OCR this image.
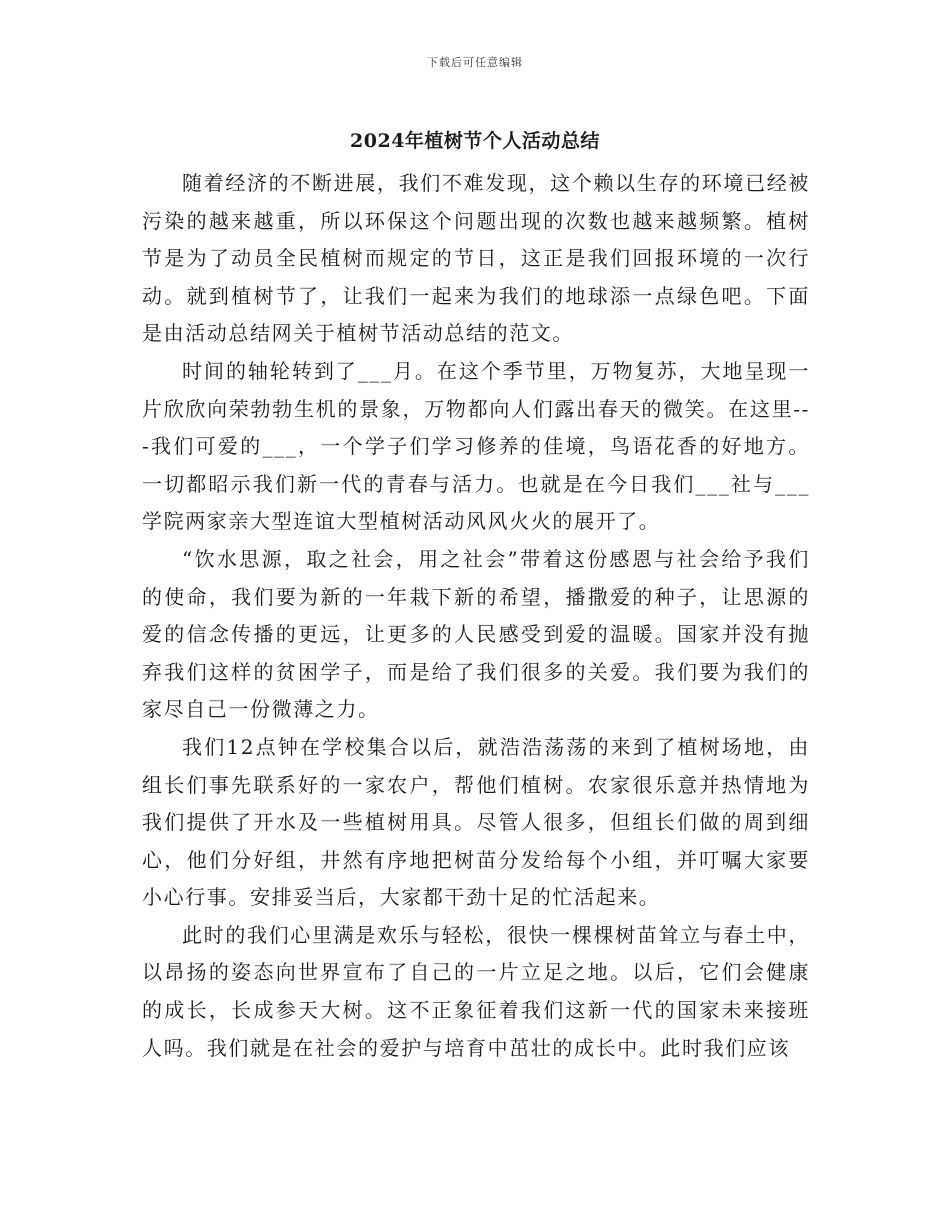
下载后可任意编辑
2024年植树节个人活动总结

随着经济的不断进展，我们不难发现，这个赖以生存的环境已经被污染的越来越重，所以环保这个问题出现的次数也越来越频繁。植树节是为了动员全民植树而规定的节日，这正是我们回报环境的一次行动。就到植树节了，让我们一起来为我们的地球添一点绿色吧。下面是由活动总结网关于植树节活动总结的范文。

时间的轴轮转到了___月。在这个季节里，万物复苏，大地呈现一片欣欣向荣勃勃生机的景象，万物都向人们露出春天的微笑。在这里---我们可爱的___，一个学子们学习修养的佳境，鸟语花香的好地方。一切都昭示我们新一代的青春与活力。也就是在今日我们___社与___学院两家亲大型连谊大型植树活动风风火火的展开了。

“饮水思源，取之社会，用之社会”带着这份感恩与社会给予我们的使命，我们要为新的一年栽下新的希望，播撒爱的种子，让思源的爱的信念传播的更远，让更多的人民感受到爱的温暖。国家并没有抛弃我们这样的贫困学子，而是给了我们很多的关爱。我们要为我们的家尽自己一份微薄之力。

我们12点钟在学校集合以后，就浩浩荡荡的来到了植树场地，由组长们事先联系好的一家农户，帮他们植树。农家很乐意并热情地为我们提供了开水及一些植树用具。尽管人很多，但组长们做的周到细心，他们分好组，井然有序地把树苗分发给每个小组，并叮嘱大家要小心行事。安排妥当后，大家都干劲十足的忙活起来。

此时的我们心里满是欢乐与轻松，很快一棵棵树苗耸立与春土中，以昂扬的姿态向世界宣布了自己的一片立足之地。以后，它们会健康的成长，长成参天大树。这不正象征着我们这新一代的国家未来接班人吗。我们就是在社会的爱护与培育中茁壮的成长中。此时我们应该
